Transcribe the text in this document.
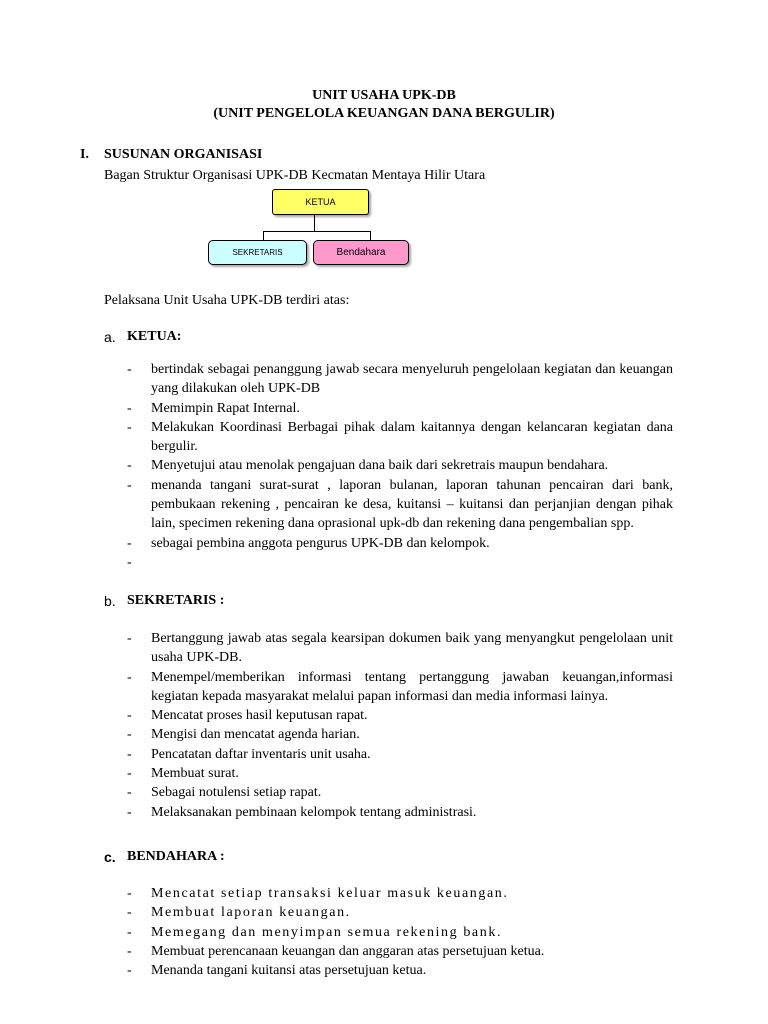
UNIT USAHA UPK-DB
(UNIT PENGELOLA KEUANGAN DANA BERGULIR)
I. SUSUNAN ORGANISASI
Bagan Struktur Organisasi UPK-DB Kecmatan Mentaya Hilir Utara
KETUA
SEKRETARIS	Bendahara
Pelaksana Unit Usaha UPK-DB terdiri atas:
a. KETUA:
- bertindak sebagai penanggung jawab secara menyeluruh pengelolaan kegiatan dan keuangan yang dilakukan oleh UPK-DB
- Memimpin Rapat Internal.
- Melakukan Koordinasi Berbagai pihak dalam kaitannya dengan kelancaran kegiatan dana bergulir.
- Menyetujui atau menolak pengajuan dana baik dari sekretrais maupun bendahara.
- menanda tangani surat-surat , laporan bulanan, laporan tahunan pencairan dari bank, pembukaan rekening , pencairan ke desa, kuitansi – kuitansi dan perjanjian dengan pihak lain, specimen rekening dana oprasional upk-db dan rekening dana pengembalian spp.
- sebagai pembina anggota pengurus UPK-DB dan kelompok.
-

b. SEKRETARIS :
- Bertanggung jawab atas segala kearsipan dokumen baik yang menyangkut pengelolaan unit usaha UPK-DB.
- Menempel/memberikan informasi tentang pertanggung jawaban keuangan,informasi kegiatan kepada masyarakat melalui papan informasi dan media informasi lainya.
- Mencatat proses hasil keputusan rapat.
- Mengisi dan mencatat agenda harian.
- Pencatatan daftar inventaris unit usaha.
- Membuat surat.
- Sebagai notulensi setiap rapat.
- Melaksanakan pembinaan kelompok tentang administrasi.
c. BENDAHARA :
- Mencatat setiap transaksi keluar masuk keuangan.
- Membuat laporan keuangan.
- Memegang dan menyimpan semua rekening bank.
- Membuat perencanaan keuangan dan anggaran atas persetujuan ketua.
- Menanda tangani kuitansi atas persetujuan ketua.
